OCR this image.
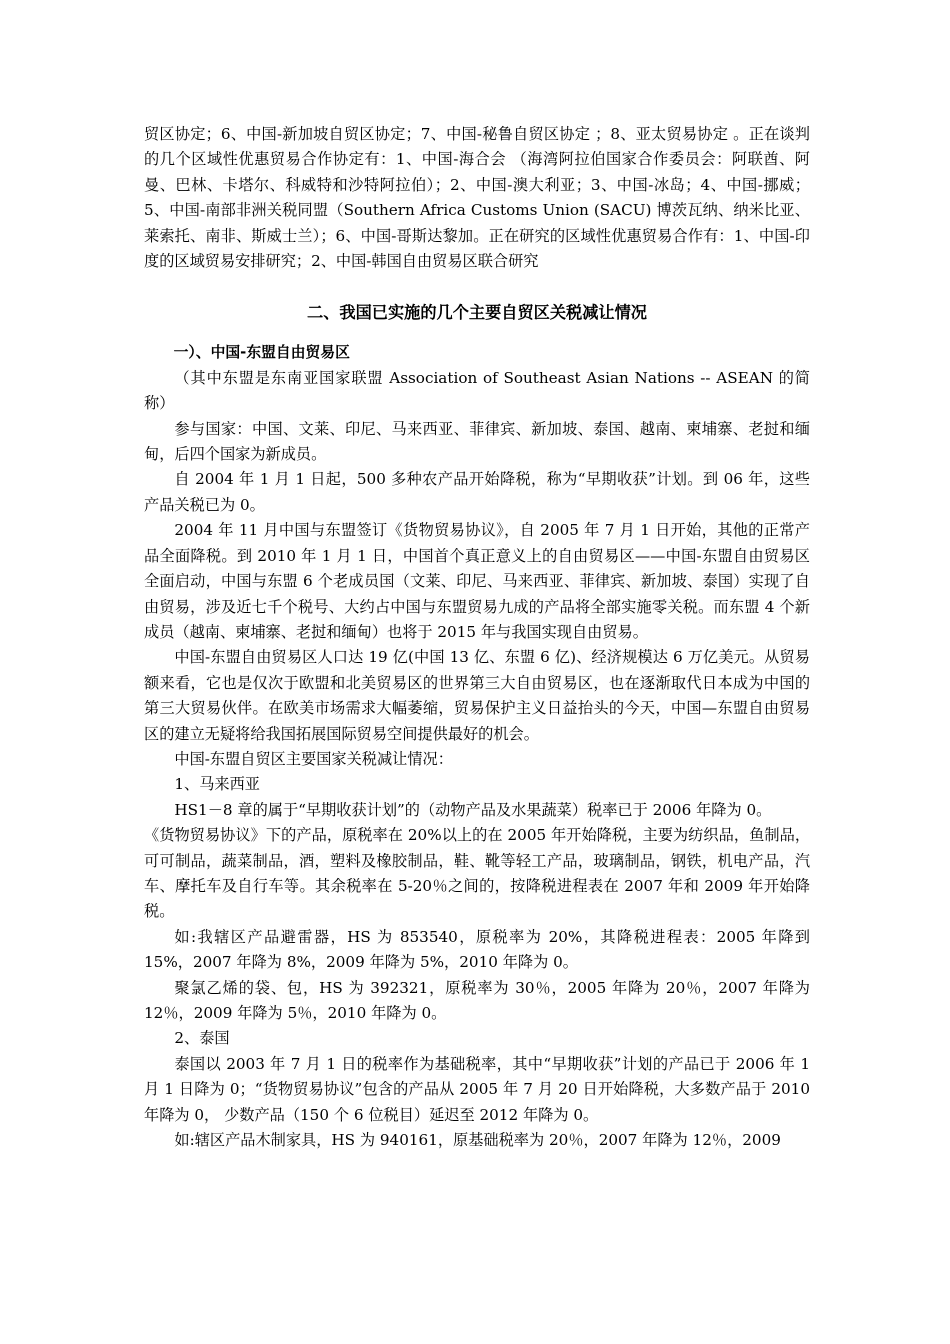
贸区协定；6、中国-新加坡自贸区协定；7、中国-秘鲁自贸区协定 ；8、亚太贸易协定 。正在谈判的几个区域性优惠贸易合作协定有：1、中国-海合会 （海湾阿拉伯国家合作委员会：阿联酋、阿曼、巴林、卡塔尔、科威特和沙特阿拉伯）；2、中国-澳大利亚；3、中国-冰岛；4、中国-挪威；5、中国-南部非洲关税同盟（Southern Africa Customs Union (SACU) 博茨瓦纳、纳米比亚、莱索托、南非、斯威士兰）；6、中国-哥斯达黎加。正在研究的区域性优惠贸易合作有：1、中国-印度的区域贸易安排研究；2、中国-韩国自由贸易区联合研究

二、我国已实施的几个主要自贸区关税减让情况

一）、中国-东盟自由贸易区

（其中东盟是东南亚国家联盟 Association of Southeast Asian Nations -- ASEAN 的简称）

参与国家：中国、文莱、印尼、马来西亚、菲律宾、新加坡、泰国、越南、柬埔寨、老挝和缅甸，后四个国家为新成员。

自 2004 年 1 月 1 日起，500 多种农产品开始降税，称为“早期收获”计划。到 06 年，这些产品关税已为 0。

2004 年 11 月中国与东盟签订《货物贸易协议》，自 2005 年 7 月 1 日开始，其他的正常产品全面降税。到 2010 年 1 月 1 日，中国首个真正意义上的自由贸易区——中国-东盟自由贸易区全面启动，中国与东盟 6 个老成员国（文莱、印尼、马来西亚、菲律宾、新加坡、泰国）实现了自由贸易，涉及近七千个税号、大约占中国与东盟贸易九成的产品将全部实施零关税。而东盟 4 个新成员（越南、柬埔寨、老挝和缅甸）也将于 2015 年与我国实现自由贸易。

中国-东盟自由贸易区人口达 19 亿(中国 13 亿、东盟 6 亿)、经济规模达 6 万亿美元。从贸易额来看，它也是仅次于欧盟和北美贸易区的世界第三大自由贸易区，也在逐渐取代日本成为中国的第三大贸易伙伴。在欧美市场需求大幅萎缩，贸易保护主义日益抬头的今天，中国—东盟自由贸易区的建立无疑将给我国拓展国际贸易空间提供最好的机会。

中国-东盟自贸区主要国家关税减让情况：

1、马来西亚

HS1－8 章的属于“早期收获计划”的（动物产品及水果蔬菜）税率已于 2006 年降为 0。

《货物贸易协议》下的产品，原税率在 20%以上的在 2005 年开始降税，主要为纺织品，鱼制品，可可制品，蔬菜制品，酒，塑料及橡胶制品，鞋、靴等轻工产品，玻璃制品，钢铁，机电产品，汽车、摩托车及自行车等。其余税率在 5-20％之间的，按降税进程表在 2007 年和 2009 年开始降税。

如:我辖区产品避雷器，HS 为 853540，原税率为 20%，其降税进程表：2005 年降到 15%，2007 年降为 8%，2009 年降为 5%，2010 年降为 0。

聚氯乙烯的袋、包，HS 为 392321，原税率为 30％，2005 年降为 20％，2007 年降为 12％，2009 年降为 5％，2010 年降为 0。

2、泰国

泰国以 2003 年 7 月 1 日的税率作为基础税率，其中“早期收获”计划的产品已于 2006 年 1 月 1 日降为 0；“货物贸易协议”包含的产品从 2005 年 7 月 20 日开始降税，大多数产品于 2010 年降为 0， 少数产品（150 个 6 位税目）延迟至 2012 年降为 0。

如:辖区产品木制家具，HS 为 940161，原基础税率为 20％，2007 年降为 12％，2009
